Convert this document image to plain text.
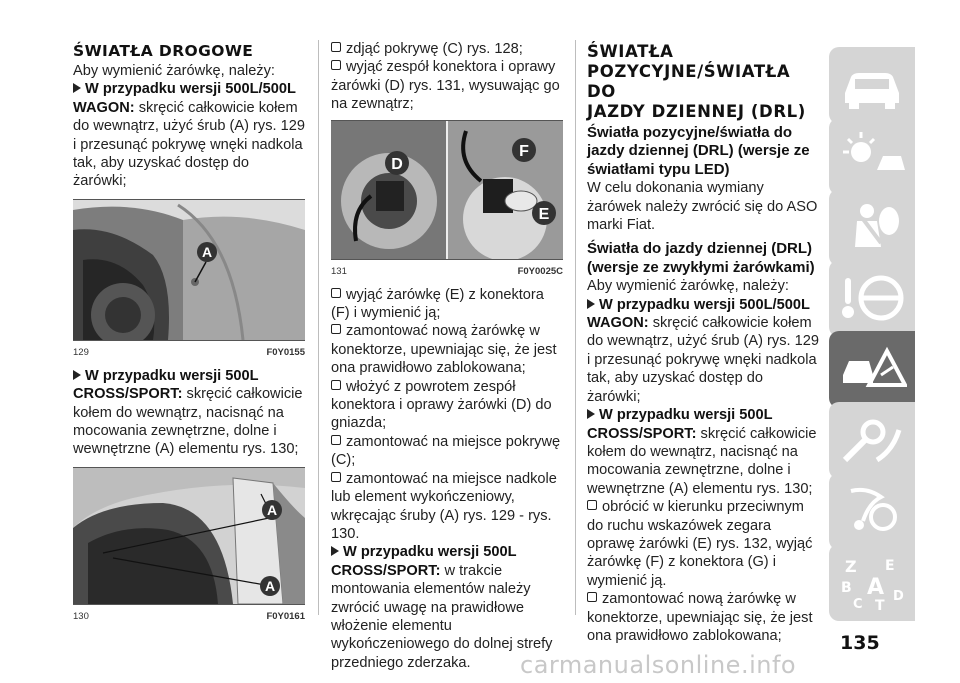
ŚWIATŁA DROGOWE

Aby wymienić żarówkę, należy:

W przypadku wersji 500L/500L WAGON: skręcić całkowicie kołem do wewnątrz, użyć śrub (A) rys. 129 i przesunąć pokrywę wnęki nadkola tak, aby uzyskać dostęp do żarówki;

A
129	F0Y0155

W przypadku wersji 500L CROSS/SPORT: skręcić całkowicie kołem do wewnątrz, nacisnąć na mocowania zewnętrzne, dolne i wewnętrzne (A) elementu rys. 130;

A
A
130	F0Y0161

zdjąć pokrywę (C) rys. 128;

wyjąć zespół konektora i oprawy żarówki (D) rys. 131, wysuwając go na zewnątrz;

D
F
E
131	F0Y0025C

wyjąć żarówkę (E) z konektora (F) i wymienić ją;

zamontować nową żarówkę w konektorze, upewniając się, że jest ona prawidłowo zablokowana;

włożyć z powrotem zespół konektora i oprawy żarówki (D) do gniazda;

zamontować na miejsce pokrywę (C);

zamontować na miejsce nadkole lub element wykończeniowy, wkręcając śruby (A) rys. 129 - rys. 130.

W przypadku wersji 500L CROSS/SPORT: w trakcie montowania elementów należy zwrócić uwagę na prawidłowe włożenie elementu wykończeniowego do dolnej strefy przedniego zderzaka.

ŚWIATŁA
POZYCYJNE/ŚWIATŁA DO
JAZDY DZIENNEJ (DRL)
Światła pozycyjne/światła do jazdy dziennej (DRL) (wersje ze światłami typu LED)

W celu dokonania wymiany żarówek należy zwrócić się do ASO marki Fiat.

Światła do jazdy dziennej (DRL) (wersje ze zwykłymi żarówkami)

Aby wymienić żarówkę, należy:

W przypadku wersji 500L/500L WAGON: skręcić całkowicie kołem do wewnątrz, użyć śrub (A) rys. 129 i przesunąć pokrywę wnęki nadkola tak, aby uzyskać dostęp do żarówki;

W przypadku wersji 500L CROSS/SPORT: skręcić całkowicie kołem do wewnątrz, nacisnąć na mocowania zewnętrzne, dolne i wewnętrzne (A) elementu rys. 130;

obrócić w kierunku przeciwnym do ruchu wskazówek zegara oprawę żarówki (E) rys. 132, wyjąć żarówkę (F) z konektora (G) i wymienić ją.

zamontować nową żarówkę w konektorze, upewniając się, że jest ona prawidłowo zablokowana;

Z E
B A
C T
D
135
carmanualsonline.info
